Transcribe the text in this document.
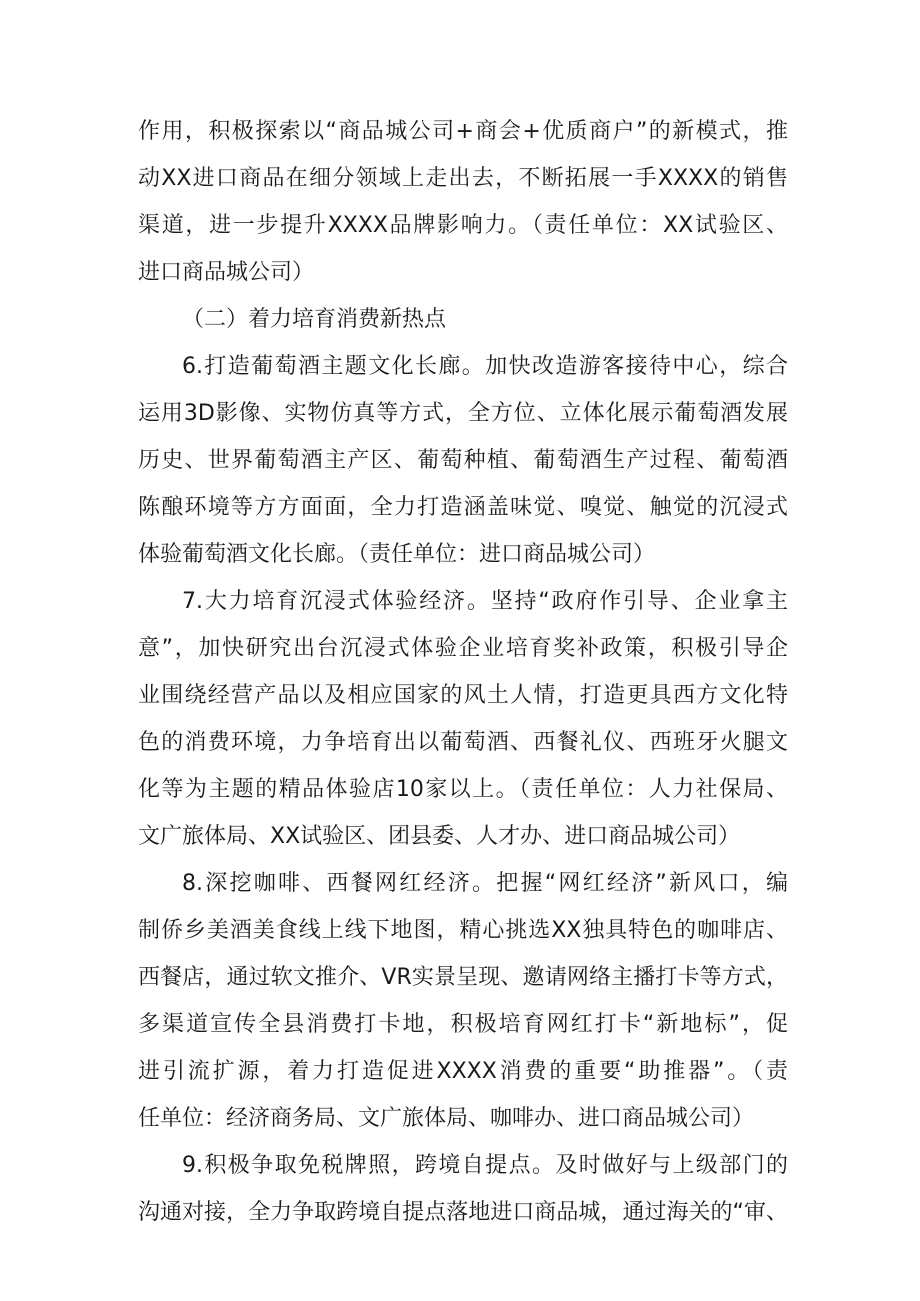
作用，积极探索以“商品城公司+商会+优质商户”的新模式，推
动XX进口商品在细分领域上走出去，不断拓展一手XXXX的销售
渠道，进一步提升XXXX品牌影响力。（责任单位：XX试验区、
进口商品城公司）
（二）着力培育消费新热点
6.打造葡萄酒主题文化长廊。加快改造游客接待中心，综合
运用3D影像、实物仿真等方式，全方位、立体化展示葡萄酒发展
历史、世界葡萄酒主产区、葡萄种植、葡萄酒生产过程、葡萄酒
陈酿环境等方方面面，全力打造涵盖味觉、嗅觉、触觉的沉浸式
体验葡萄酒文化长廊。（责任单位：进口商品城公司）
7.大力培育沉浸式体验经济。坚持“政府作引导、企业拿主
意”，加快研究出台沉浸式体验企业培育奖补政策，积极引导企
业围绕经营产品以及相应国家的风土人情，打造更具西方文化特
色的消费环境，力争培育出以葡萄酒、西餐礼仪、西班牙火腿文
化等为主题的精品体验店10家以上。（责任单位：人力社保局、
文广旅体局、XX试验区、团县委、人才办、进口商品城公司）
8.深挖咖啡、西餐网红经济。把握“网红经济”新风口，编
制侨乡美酒美食线上线下地图，精心挑选XX独具特色的咖啡店、
西餐店，通过软文推介、VR实景呈现、邀请网络主播打卡等方式，
多渠道宣传全县消费打卡地，积极培育网红打卡“新地标”，促
进引流扩源，着力打造促进XXXX消费的重要“助推器”。（责
任单位：经济商务局、文广旅体局、咖啡办、进口商品城公司）
9.积极争取免税牌照，跨境自提点。及时做好与上级部门的
沟通对接，全力争取跨境自提点落地进口商品城，通过海关的“审、
